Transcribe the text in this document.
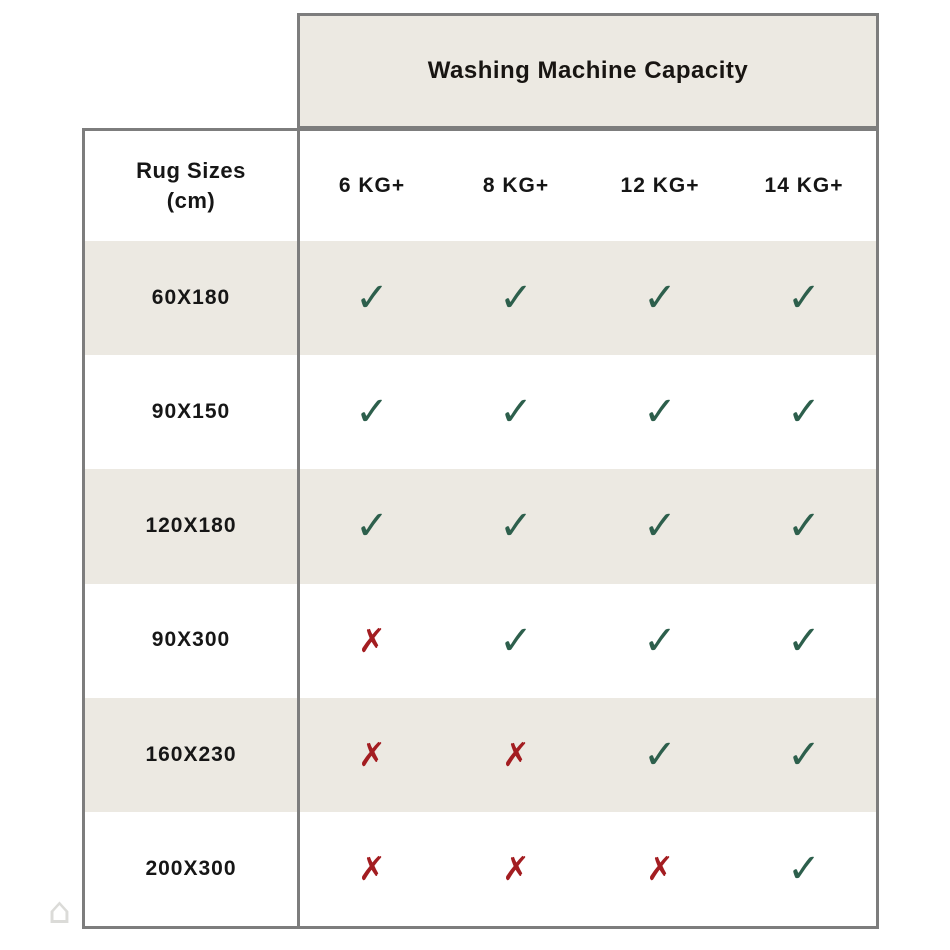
Washing Machine Capacity
Rug Sizes
(cm)
6 KG+	8 KG+	12 KG+	14 KG+
60X180	✓	✓	✓	✓
90X150	✓	✓	✓	✓
120X180	✓	✓	✓	✓
90X300	✗	✓	✓	✓
160X230	✗	✗	✓	✓
200X300	✗	✗	✗	✓
⌂
